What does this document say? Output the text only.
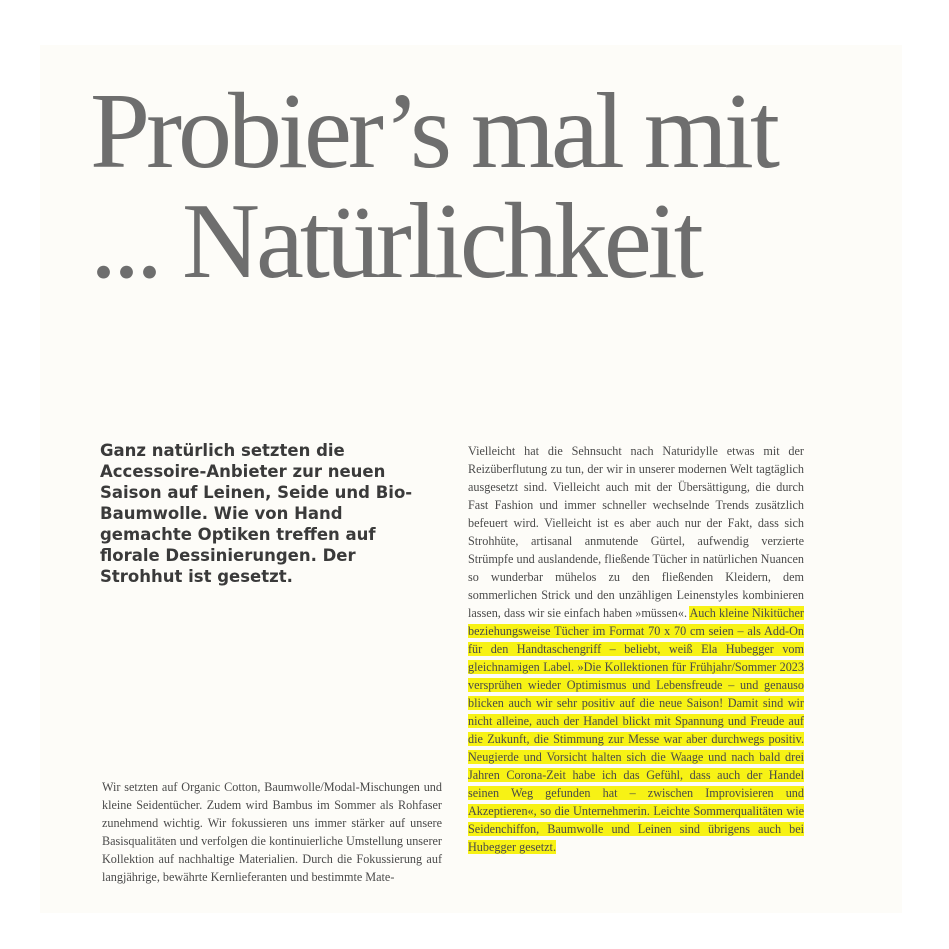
Probier’s mal mit
... Natürlichkeit

Ganz natürlich setzten die Accessoire-Anbieter zur neuen Saison auf Leinen, Seide und Bio-Baumwolle. Wie von Hand gemachte Optiken treffen auf florale Dessinierungen. Der Strohhut ist gesetzt.

Wir setzten auf Organic Cotton, Baumwolle/Modal-Mischungen und kleine Seidentücher. Zudem wird Bambus im Sommer als Rohfaser zunehmend wichtig. Wir fokussieren uns immer stärker auf unsere Basisqualitäten und verfolgen die kontinuierliche Umstellung unserer Kollektion auf nachhaltige Materialien. Durch die Fokussierung auf langjährige, bewährte Kernlieferanten und bestimmte Mate-

Vielleicht hat die Sehnsucht nach Naturidylle etwas mit der Reizüberflutung zu tun, der wir in unserer modernen Welt tagtäglich ausgesetzt sind. Vielleicht auch mit der Übersättigung, die durch Fast Fashion und immer schneller wechselnde Trends zusätzlich befeuert wird. Vielleicht ist es aber auch nur der Fakt, dass sich Strohhüte, artisanal anmutende Gürtel, aufwendig verzierte Strümpfe und auslandende, fließende Tücher in natürlichen Nuancen so wunderbar mühelos zu den fließenden Kleidern, dem sommerlichen Strick und den unzähligen Leinenstyles kombinieren lassen, dass wir sie einfach haben »müssen«. Auch kleine Nikitücher beziehungsweise Tücher im Format 70 x 70 cm seien – als Add-On für den Handtaschengriff – beliebt, weiß Ela Hubegger vom gleichnamigen Label. »Die Kollektionen für Frühjahr/Sommer 2023 versprühen wieder Optimismus und Lebensfreude – und genauso blicken auch wir sehr positiv auf die neue Saison! Damit sind wir nicht alleine, auch der Handel blickt mit Spannung und Freude auf die Zukunft, die Stimmung zur Messe war aber durchwegs positiv. Neugierde und Vorsicht halten sich die Waage und nach bald drei Jahren Corona-Zeit habe ich das Gefühl, dass auch der Handel seinen Weg gefunden hat – zwischen Improvisieren und Akzeptieren«, so die Unternehmerin. Leichte Sommerqualitäten wie Seidenchiffon, Baumwolle und Leinen sind übrigens auch bei Hubegger gesetzt.
